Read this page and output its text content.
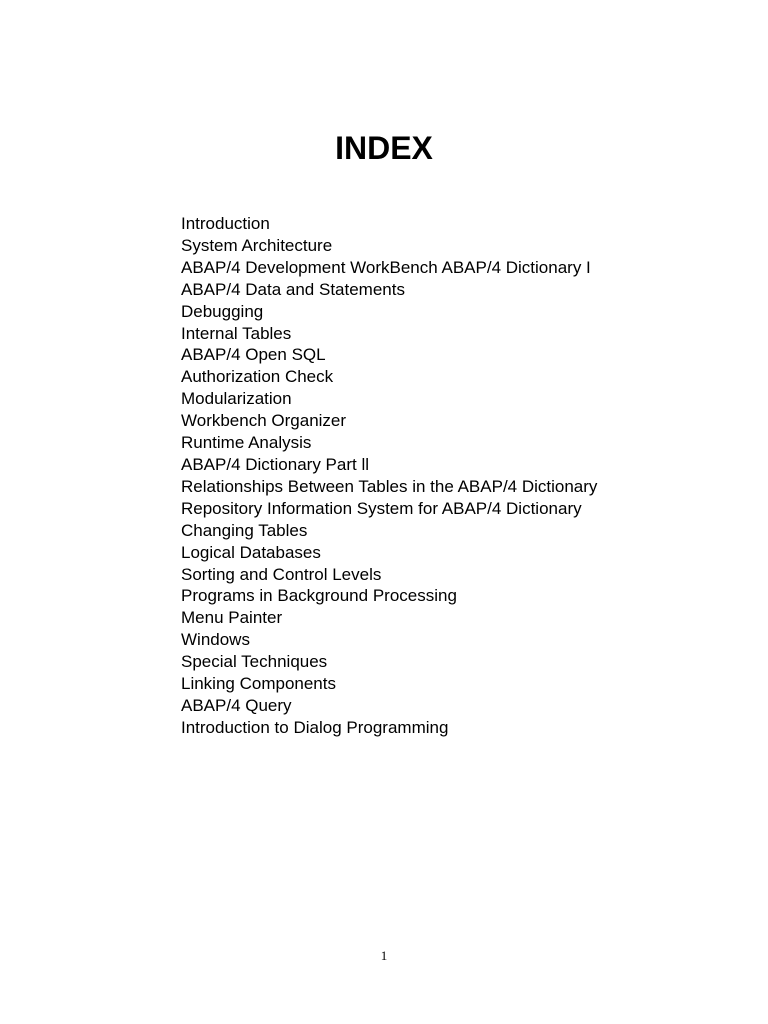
INDEX
Introduction
System Architecture
ABAP/4 Development WorkBench ABAP/4 Dictionary I
ABAP/4 Data and Statements
Debugging
Internal Tables
ABAP/4 Open SQL
Authorization Check
Modularization
Workbench Organizer
Runtime Analysis
ABAP/4 Dictionary Part ll
Relationships Between Tables in the ABAP/4 Dictionary
Repository Information System for ABAP/4 Dictionary
Changing Tables
Logical Databases
Sorting and Control Levels
Programs in Background Processing
Menu Painter
Windows
Special Techniques
Linking Components
ABAP/4 Query
Introduction to Dialog Programming
1
